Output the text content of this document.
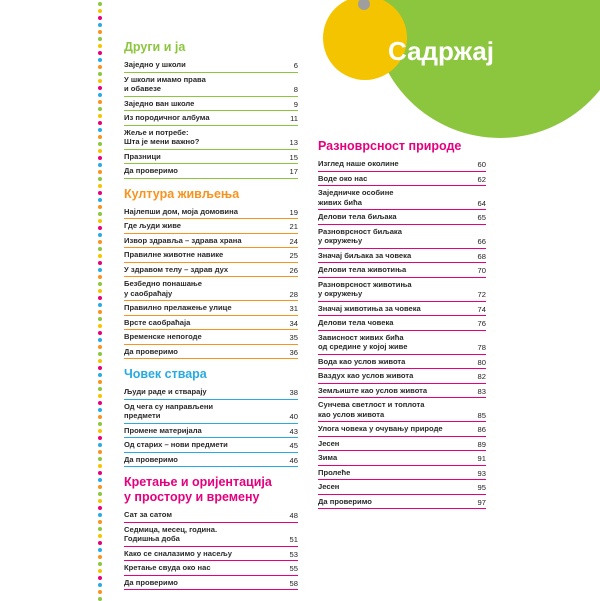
Садржај
Други и ја
Заједно у школи	6
У школи имамо права
и обавезе	8
Заједно ван школе	9
Из породичног албума	11
Жеље и потребе:
Шта је мени важно?	13
Празници	15
Да проверимо	17
Култура живљења
Најлепши дом, моја домовина	19
Где људи живе	21
Извор здравља – здрава храна	24
Правилне животне навике	25
У здравом телу – здрав дух	26
Безбедно понашање
у саобраћају	28
Правилно прелажење улице	31
Врсте саобраћаја	34
Временске непогоде	35
Да проверимо	36
Човек ствара
Људи раде и стварају	38
Од чега су направљени
предмети	40
Промене материјала	43
Од старих – нови предмети	45
Да проверимо	46
Кретање и оријентација
у простору и времену
Сат за сатом	48
Седмица, месец, година.
Годишња доба	51
Како се сналазимо у насељу	53
Кретање свуда око нас	55
Да проверимо	58
Разноврсност природе
Изглед наше околине	60
Воде око нас	62
Заједничке особине
живих бића	64
Делови тела биљака	65
Разноврсност биљака
у окружењу	66
Значај биљака за човека	68
Делови тела животиња	70
Разноврсност животиња
у окружењу	72
Значај животиња за човека	74
Делови тела човека	76
Зависност живих бића
од средине у којој живе	78
Вода као услов живота	80
Ваздух као услов живота	82
Земљиште као услов живота	83
Сунчева светлост и топлота
као услов живота	85
Улога човека у очувању природе	86
Јесен	89
Зима	91
Пролеће	93
Јесен	95
Да проверимо	97
